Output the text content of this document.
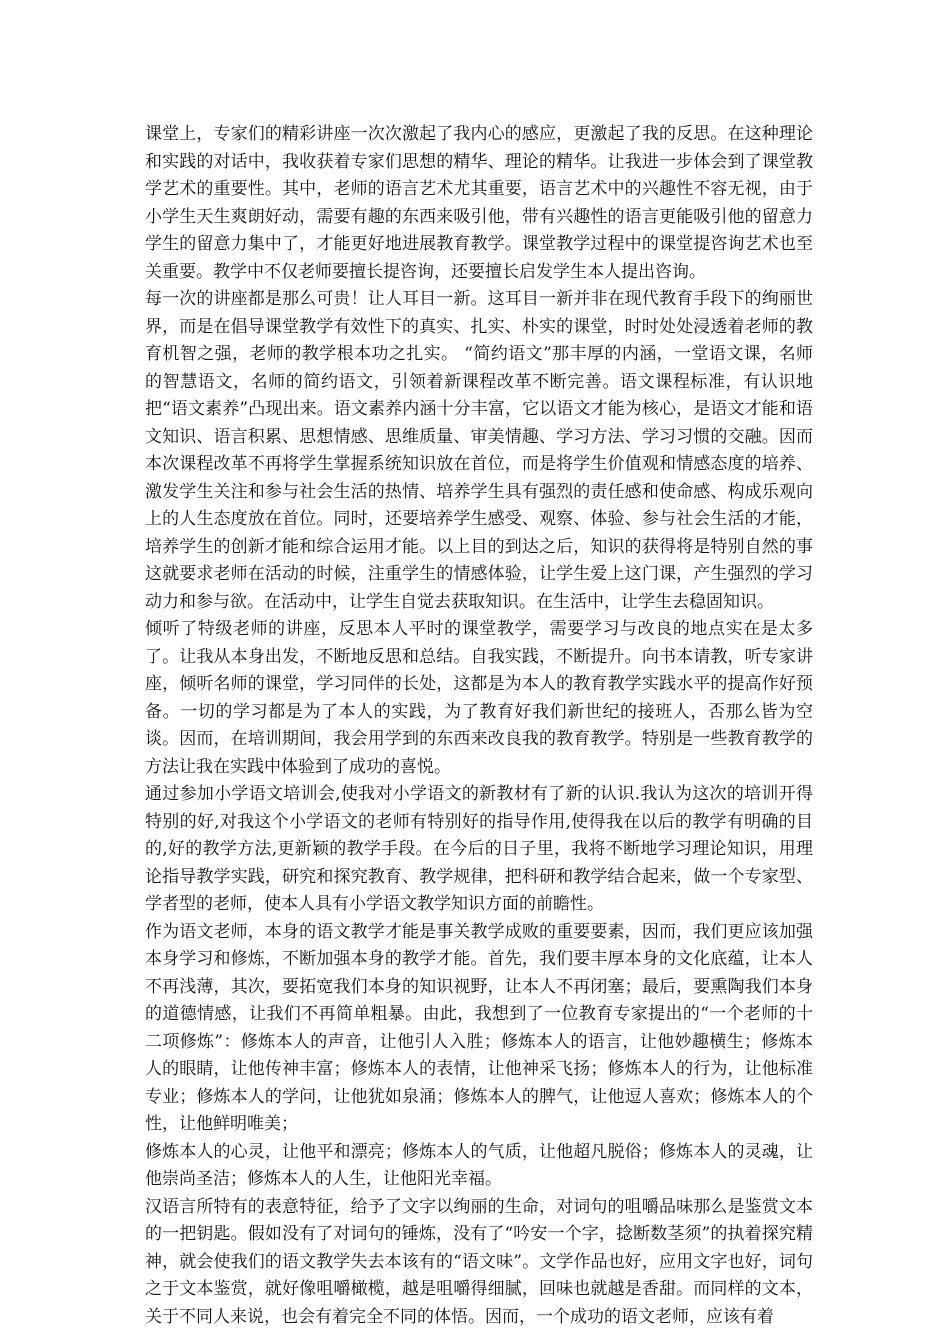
课堂上，专家们的精彩讲座一次次激起了我内心的感应，更激起了我的反思。在这种理论和实践的对话中，我收获着专家们思想的精华、理论的精华。让我进一步体会到了课堂教学艺术的重要性。其中，老师的语言艺术尤其重要，语言艺术中的兴趣性不容无视，由于小学生天生爽朗好动，需要有趣的东西来吸引他，带有兴趣性的语言更能吸引他的留意力学生的留意力集中了，才能更好地进展教育教学。课堂教学过程中的课堂提咨询艺术也至关重要。教学中不仅老师要擅长提咨询，还要擅长启发学生本人提出咨询。

每一次的讲座都是那么可贵！让人耳目一新。这耳目一新并非在现代教育手段下的绚丽世界，而是在倡导课堂教学有效性下的真实、扎实、朴实的课堂，时时处处浸透着老师的教育机智之强，老师的教学根本功之扎实。 “简约语文”那丰厚的内涵，一堂语文课，名师的智慧语文，名师的简约语文，引领着新课程改革不断完善。语文课程标准，有认识地把“语文素养”凸现出来。语文素养内涵十分丰富，它以语文才能为核心，是语文才能和语文知识、语言积累、思想情感、思维质量、审美情趣、学习方法、学习习惯的交融。因而本次课程改革不再将学生掌握系统知识放在首位，而是将学生价值观和情感态度的培养、激发学生关注和参与社会生活的热情、培养学生具有强烈的责任感和使命感、构成乐观向上的人生态度放在首位。同时，还要培养学生感受、观察、体验、参与社会生活的才能，培养学生的创新才能和综合运用才能。以上目的到达之后，知识的获得将是特别自然的事这就要求老师在活动的时候，注重学生的情感体验，让学生爱上这门课，产生强烈的学习动力和参与欲。在活动中，让学生自觉去获取知识。在生活中，让学生去稳固知识。

倾听了特级老师的讲座，反思本人平时的课堂教学，需要学习与改良的地点实在是太多了。让我从本身出发，不断地反思和总结。自我实践，不断提升。向书本请教，听专家讲座，倾听名师的课堂，学习同伴的长处，这都是为本人的教育教学实践水平的提高作好预备。一切的学习都是为了本人的实践，为了教育好我们新世纪的接班人，否那么皆为空谈。因而，在培训期间，我会用学到的东西来改良我的教育教学。特别是一些教育教学的方法让我在实践中体验到了成功的喜悦。

通过参加小学语文培训会,使我对小学语文的新教材有了新的认识.我认为这次的培训开得特别的好,对我这个小学语文的老师有特别好的指导作用,使得我在以后的教学有明确的目的,好的教学方法,更新颖的教学手段。在今后的日子里，我将不断地学习理论知识，用理论指导教学实践，研究和探究教育、教学规律，把科研和教学结合起来，做一个专家型、学者型的老师，使本人具有小学语文教学知识方面的前瞻性。

作为语文老师，本身的语文教学才能是事关教学成败的重要要素，因而，我们更应该加强本身学习和修炼，不断加强本身的教学才能。首先，我们要丰厚本身的文化底蕴，让本人不再浅薄，其次，要拓宽我们本身的知识视野，让本人不再闭塞；最后，要熏陶我们本身的道德情感，让我们不再简单粗暴。由此，我想到了一位教育专家提出的“一个老师的十二项修炼”：修炼本人的声音，让他引人入胜；修炼本人的语言，让他妙趣横生；修炼本人的眼睛，让他传神丰富；修炼本人的表情，让他神采飞扬；修炼本人的行为，让他标准专业；修炼本人的学问，让他犹如泉涌；修炼本人的脾气，让他逗人喜欢；修炼本人的个性，让他鲜明唯美；

修炼本人的心灵，让他平和漂亮；修炼本人的气质，让他超凡脱俗；修炼本人的灵魂，让他崇尚圣洁；修炼本人的人生，让他阳光幸福。

汉语言所特有的表意特征，给予了文字以绚丽的生命，对词句的咀嚼品味那么是鉴赏文本的一把钥匙。假如没有了对词句的锤炼，没有了“吟安一个字，捻断数茎须”的执着探究精神，就会使我们的语文教学失去本该有的“语文味”。文学作品也好，应用文字也好，词句之于文本鉴赏，就好像咀嚼橄榄，越是咀嚼得细腻，回味也就越是香甜。而同样的文本，关于不同人来说，也会有着完全不同的体悟。因而，一个成功的语文老师，应该有着
